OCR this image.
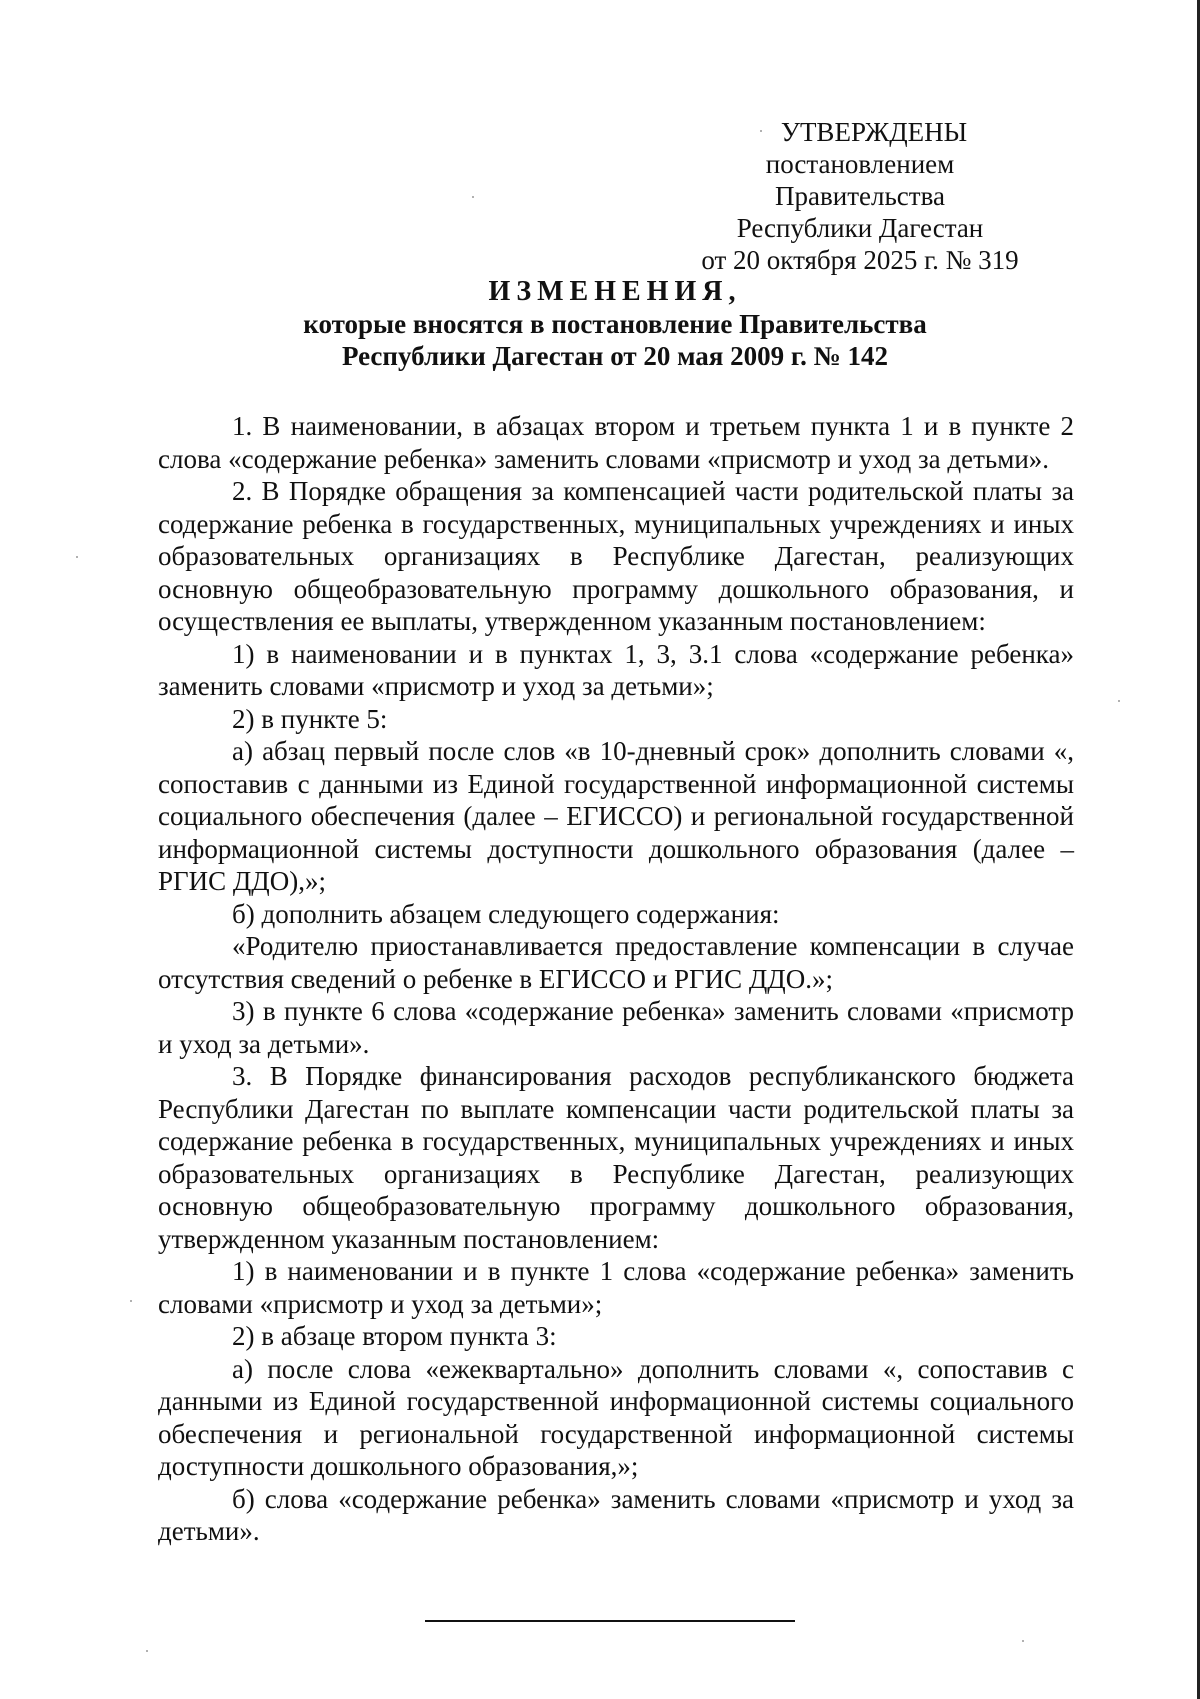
УТВЕРЖДЕНЫ
постановлением Правительства
Республики Дагестан
от 20 октября 2025 г. № 319
ИЗМЕНЕНИЯ,
которые вносятся в постановление Правительства
Республики Дагестан от 20 мая 2009 г. № 142

1. В наименовании, в абзацах втором и третьем пункта 1 и в пункте 2 слова «содержание ребенка» заменить словами «присмотр и уход за детьми».

2. В Порядке обращения за компенсацией части родительской платы за содержание ребенка в государственных, муниципальных учреждениях и иных образовательных организациях в Республике Дагестан, реализующих основную общеобразовательную программу дошкольного образования, и осуществления ее выплаты, утвержденном указанным постановлением:

1) в наименовании и в пунктах 1, 3, 3.1 слова «содержание ребенка» заменить словами «присмотр и уход за детьми»;

2) в пункте 5:

а) абзац первый после слов «в 10-дневный срок» дополнить словами «, сопоставив с данными из Единой государственной информационной системы социального обеспечения (далее – ЕГИССО) и региональной государственной информационной системы доступности дошкольного образования (далее – РГИС ДДО),»;

б) дополнить абзацем следующего содержания:

«Родителю приостанавливается предоставление компенсации в случае отсутствия сведений о ребенке в ЕГИССО и РГИС ДДО.»;

3) в пункте 6 слова «содержание ребенка» заменить словами «присмотр и уход за детьми».

3. В Порядке финансирования расходов республиканского бюджета Республики Дагестан по выплате компенсации части родительской платы за содержание ребенка в государственных, муниципальных учреждениях и иных образовательных организациях в Республике Дагестан, реализующих основную общеобразовательную программу дошкольного образования, утвержденном указанным постановлением:

1) в наименовании и в пункте 1 слова «содержание ребенка» заменить словами «присмотр и уход за детьми»;

2) в абзаце втором пункта 3:

а) после слова «ежеквартально» дополнить словами «, сопоставив с данными из Единой государственной информационной системы социального обеспечения и региональной государственной информационной системы доступности дошкольного образования,»;

б) слова «содержание ребенка» заменить словами «присмотр и уход за детьми».
